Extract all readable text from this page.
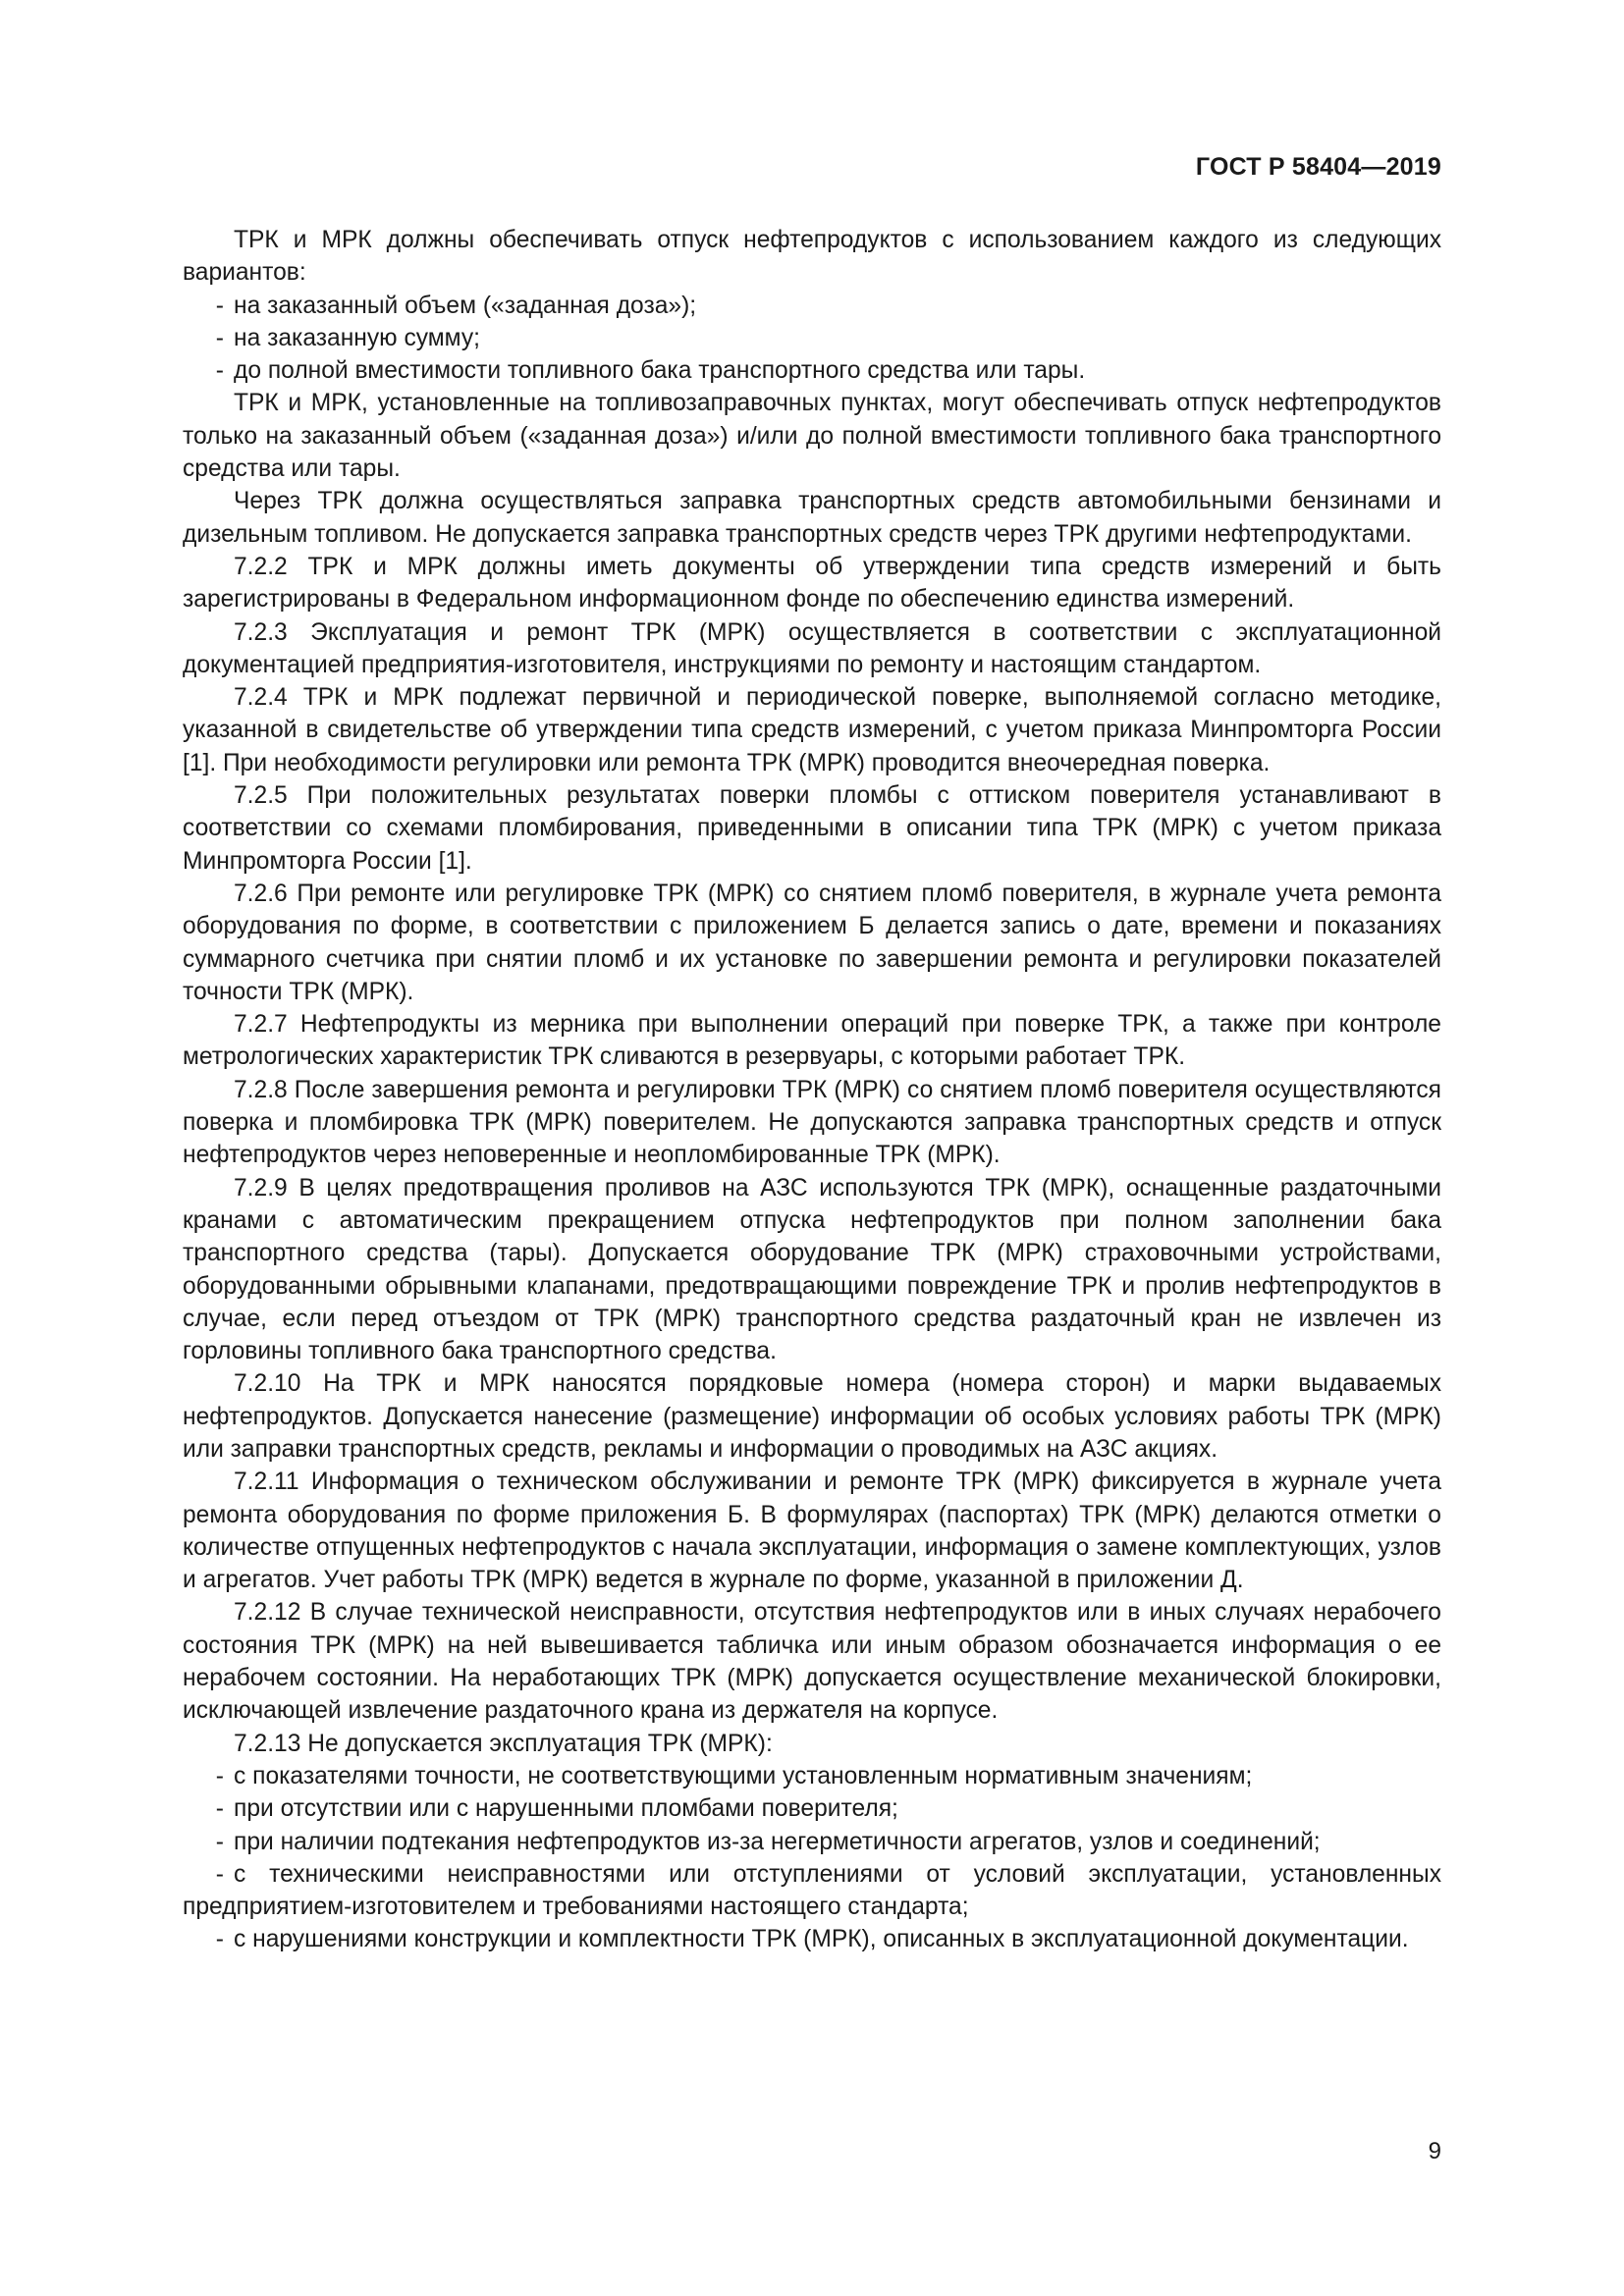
ГОСТ Р 58404—2019

ТРК и МРК должны обеспечивать отпуск нефтепродуктов с использованием каждого из следующих вариантов:

- на заказанный объем («заданная доза»);

- на заказанную сумму;

- до полной вместимости топливного бака транспортного средства или тары.

ТРК и МРК, установленные на топливозаправочных пунктах, могут обеспечивать отпуск нефтепродуктов только на заказанный объем («заданная доза») и/или до полной вместимости топливного бака транспортного средства или тары.

Через ТРК должна осуществляться заправка транспортных средств автомобильными бензинами и дизельным топливом. Не допускается заправка транспортных средств через ТРК другими нефтепродуктами.

7.2.2 ТРК и МРК должны иметь документы об утверждении типа средств измерений и быть зарегистрированы в Федеральном информационном фонде по обеспечению единства измерений.

7.2.3 Эксплуатация и ремонт ТРК (МРК) осуществляется в соответствии с эксплуатационной документацией предприятия-изготовителя, инструкциями по ремонту и настоящим стандартом.

7.2.4 ТРК и МРК подлежат первичной и периодической поверке, выполняемой согласно методике, указанной в свидетельстве об утверждении типа средств измерений, с учетом приказа Минпромторга России [1]. При необходимости регулировки или ремонта ТРК (МРК) проводится внеочередная поверка.

7.2.5 При положительных результатах поверки пломбы с оттиском поверителя устанавливают в соответствии со схемами пломбирования, приведенными в описании типа ТРК (МРК) с учетом приказа Минпромторга России [1].

7.2.6 При ремонте или регулировке ТРК (МРК) со снятием пломб поверителя, в журнале учета ремонта оборудования по форме, в соответствии с приложением Б делается запись о дате, времени и показаниях суммарного счетчика при снятии пломб и их установке по завершении ремонта и регулировки показателей точности ТРК (МРК).

7.2.7 Нефтепродукты из мерника при выполнении операций при поверке ТРК, а также при контроле метрологических характеристик ТРК сливаются в резервуары, с которыми работает ТРК.

7.2.8 После завершения ремонта и регулировки ТРК (МРК) со снятием пломб поверителя осуществляются поверка и пломбировка ТРК (МРК) поверителем. Не допускаются заправка транспортных средств и отпуск нефтепродуктов через неповеренные и неопломбированные ТРК (МРК).

7.2.9 В целях предотвращения проливов на АЗС используются ТРК (МРК), оснащенные раздаточными кранами с автоматическим прекращением отпуска нефтепродуктов при полном заполнении бака транспортного средства (тары). Допускается оборудование ТРК (МРК) страховочными устройствами, оборудованными обрывными клапанами, предотвращающими повреждение ТРК и пролив нефтепродуктов в случае, если перед отъездом от ТРК (МРК) транспортного средства раздаточный кран не извлечен из горловины топливного бака транспортного средства.

7.2.10 На ТРК и МРК наносятся порядковые номера (номера сторон) и марки выдаваемых нефтепродуктов. Допускается нанесение (размещение) информации об особых условиях работы ТРК (МРК) или заправки транспортных средств, рекламы и информации о проводимых на АЗС акциях.

7.2.11 Информация о техническом обслуживании и ремонте ТРК (МРК) фиксируется в журнале учета ремонта оборудования по форме приложения Б. В формулярах (паспортах) ТРК (МРК) делаются отметки о количестве отпущенных нефтепродуктов с начала эксплуатации, информация о замене комплектующих, узлов и агрегатов. Учет работы ТРК (МРК) ведется в журнале по форме, указанной в приложении Д.

7.2.12 В случае технической неисправности, отсутствия нефтепродуктов или в иных случаях нерабочего состояния ТРК (МРК) на ней вывешивается табличка или иным образом обозначается информация о ее нерабочем состоянии. На неработающих ТРК (МРК) допускается осуществление механической блокировки, исключающей извлечение раздаточного крана из держателя на корпусе.

7.2.13 Не допускается эксплуатация ТРК (МРК):

- с показателями точности, не соответствующими установленным нормативным значениям;

- при отсутствии или с нарушенными пломбами поверителя;

- при наличии подтекания нефтепродуктов из-за негерметичности агрегатов, узлов и соединений;

- с техническими неисправностями или отступлениями от условий эксплуатации, установленных предприятием-изготовителем и требованиями настоящего стандарта;

- с нарушениями конструкции и комплектности ТРК (МРК), описанных в эксплуатационной документации.

9
